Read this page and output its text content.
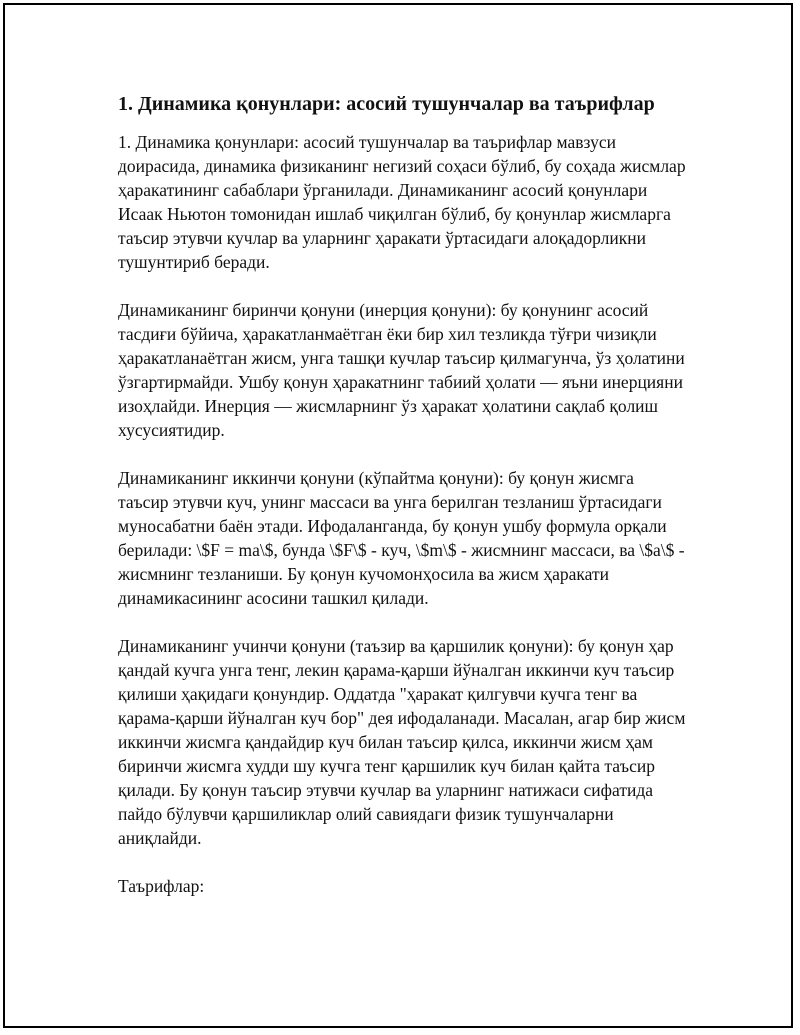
1. Динамика қонунлари: асосий тушунчалар ва таърифлар

1. Динамика қонунлари: асосий тушунчалар ва таърифлар мавзуси доирасида, динамика физиканинг негизий соҳаси бўлиб, бу соҳада жисмлар ҳаракатининг сабаблари ўрганилади. Динамиканинг асосий қонунлари Исаак Ньютон томонидан ишлаб чиқилган бўлиб, бу қонунлар жисмларга таъсир этувчи кучлар ва уларнинг ҳаракати ўртасидаги алоқадорликни тушунтириб беради.

Динамиканинг биринчи қонуни (инерция қонуни): бу қонунинг асосий тасдиғи бўйича, ҳаракатланмаётган ёки бир хил тезликда тўғри чизиқли ҳаракатланаётган жисм, унга ташқи кучлар таъсир қилмагунча, ўз ҳолатини ўзгартирмайди. Ушбу қонун ҳаракатнинг табиий ҳолати — яъни инерцияни изоҳлайди. Инерция — жисмларнинг ўз ҳаракат ҳолатини сақлаб қолиш хусусиятидир.

Динамиканинг иккинчи қонуни (кўпайтма қонуни): бу қонун жисмга таъсир этувчи куч, унинг массаси ва унга берилган тезланиш ўртасидаги муносабатни баён этади. Ифодаланганда, бу қонун ушбу формула орқали берилади: \$F = ma\$, бунда \$F\$ - куч, \$m\$ - жисмнинг массаси, ва \$a\$ - жисмнинг тезланиши. Бу қонун кучомонҳосила ва жисм ҳаракати динамикасининг асосини ташкил қилади.

Динамиканинг учинчи қонуни (таъзир ва қаршилик қонуни): бу қонун ҳар қандай кучга унга тенг, лекин қарама-қарши йўналган иккинчи куч таъсир қилиши ҳақидаги қонундир. Оддатда "ҳаракат қилгувчи кучга тенг ва қарама-қарши йўналган куч бор" дея ифодаланади. Масалан, агар бир жисм иккинчи жисмга қандайдир куч билан таъсир қилса, иккинчи жисм ҳам биринчи жисмга худди шу кучга тенг қаршилик куч билан қайта таъсир қилади. Бу қонун таъсир этувчи кучлар ва уларнинг натижаси сифатида пайдо бўлувчи қаршиликлар олий савиядаги физик тушунчаларни аниқлайди.

Таърифлар:
